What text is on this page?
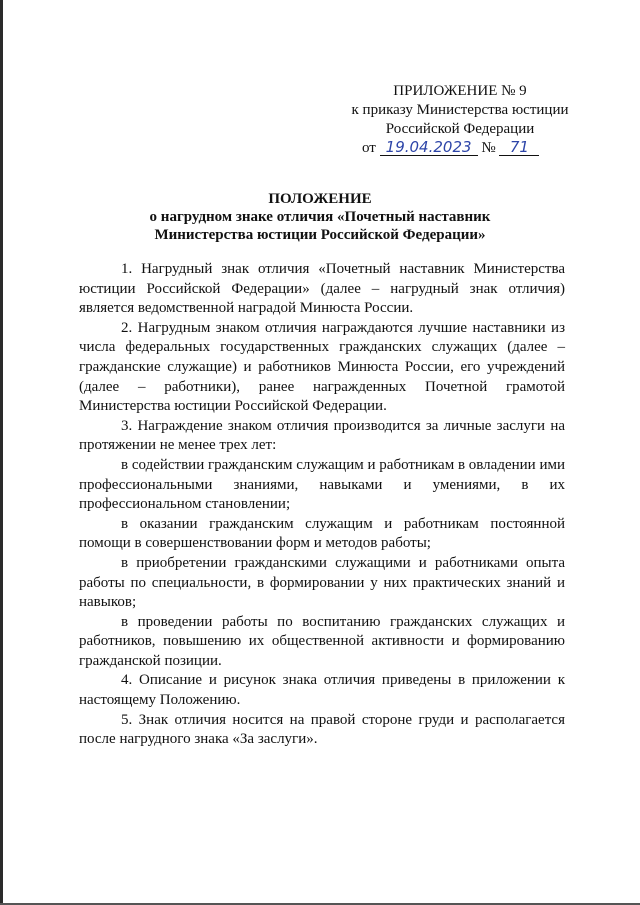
ПРИЛОЖЕНИЕ № 9
к приказу Министерства юстиции
Российской Федерации
от 19.04.2023 № 71
ПОЛОЖЕНИЕ
о нагрудном знаке отличия «Почетный наставник
Министерства юстиции Российской Федерации»

1. Нагрудный знак отличия «Почетный наставник Министерства юстиции Российской Федерации» (далее – нагрудный знак отличия) является ведомственной наградой Минюста России.

2. Нагрудным знаком отличия награждаются лучшие наставники из числа федеральных государственных гражданских служащих (далее – гражданские служащие) и работников Минюста России, его учреждений (далее – работники), ранее награжденных Почетной грамотой Министерства юстиции Российской Федерации.

3. Награждение знаком отличия производится за личные заслуги на протяжении не менее трех лет:

в содействии гражданским служащим и работникам в овладении ими профессиональными знаниями, навыками и умениями, в их профессиональном становлении;

в оказании гражданским служащим и работникам постоянной помощи в совершенствовании форм и методов работы;

в приобретении гражданскими служащими и работниками опыта работы по специальности, в формировании у них практических знаний и навыков;

в проведении работы по воспитанию гражданских служащих и работников, повышению их общественной активности и формированию гражданской позиции.

4. Описание и рисунок знака отличия приведены в приложении к настоящему Положению.

5. Знак отличия носится на правой стороне груди и располагается после нагрудного знака «За заслуги».
